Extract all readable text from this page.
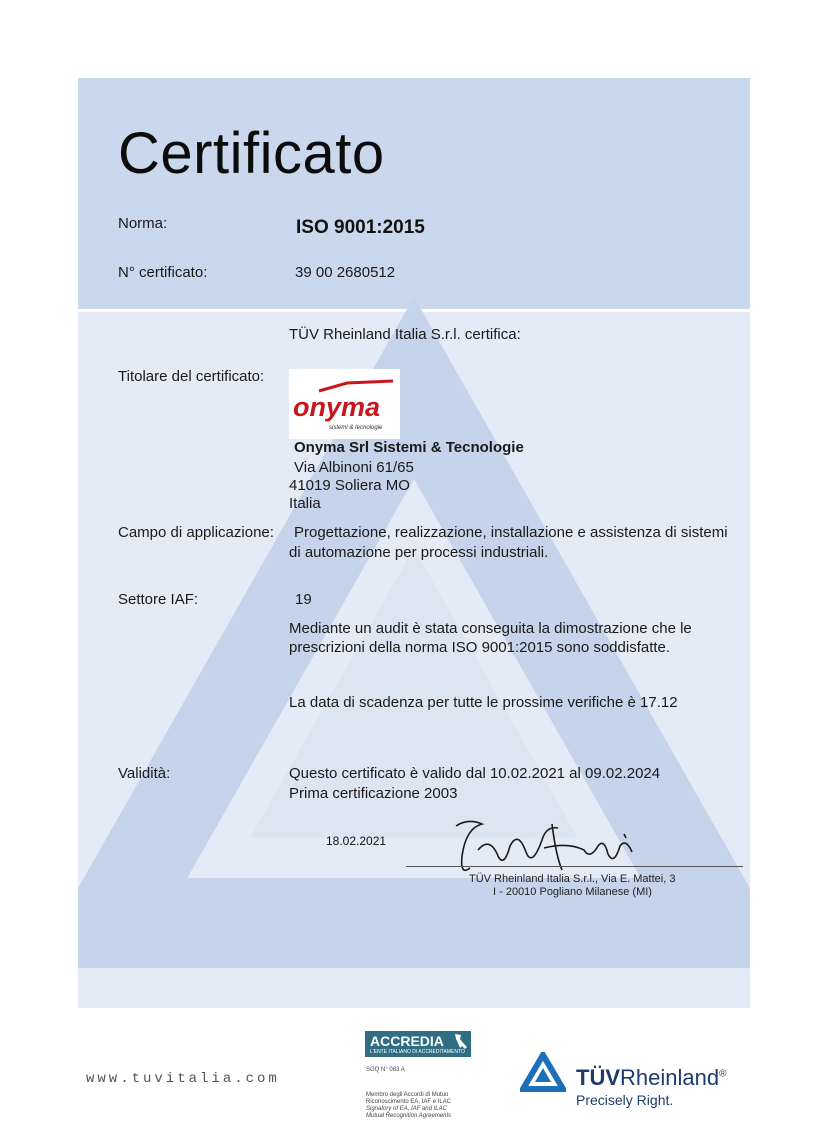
Certificato
Norma:	ISO 9001:2015
N° certificato:	39 00 2680512
TÜV Rheinland Italia S.r.l. certifica:
Titolare del certificato:
onyma
sistemi & tecnologie
Onyma Srl Sistemi & Tecnologie
Via Albinoni 61/65
41019 Soliera MO
Italia
Campo di applicazione: Progettazione, realizzazione, installazione e assistenza di sistemi
di automazione per processi industriali.
Settore IAF:	19
Mediante un audit è stata conseguita la dimostrazione che le
prescrizioni della norma ISO 9001:2015 sono soddisfatte.
La data di scadenza per tutte le prossime verifiche è 17.12
Validità:	Questo certificato è valido dal 10.02.2021 al 09.02.2024
Prima certificazione 2003
18.02.2021
TÜV Rheinland Italia S.r.l., Via E. Mattei, 3
I - 20010 Pogliano Milanese (MI)
www.tuvitalia.com
ACCREDIA
L'ENTE ITALIANO DI ACCREDITAMENTO
SGQ N° 083 A
Membro degli Accordi di Mutuo
Riconoscimento EA, IAF e ILAC
Signatory of EA, IAF and ILAC
Mutual Recognition Agreements
TÜVRheinland®
Precisely Right.
